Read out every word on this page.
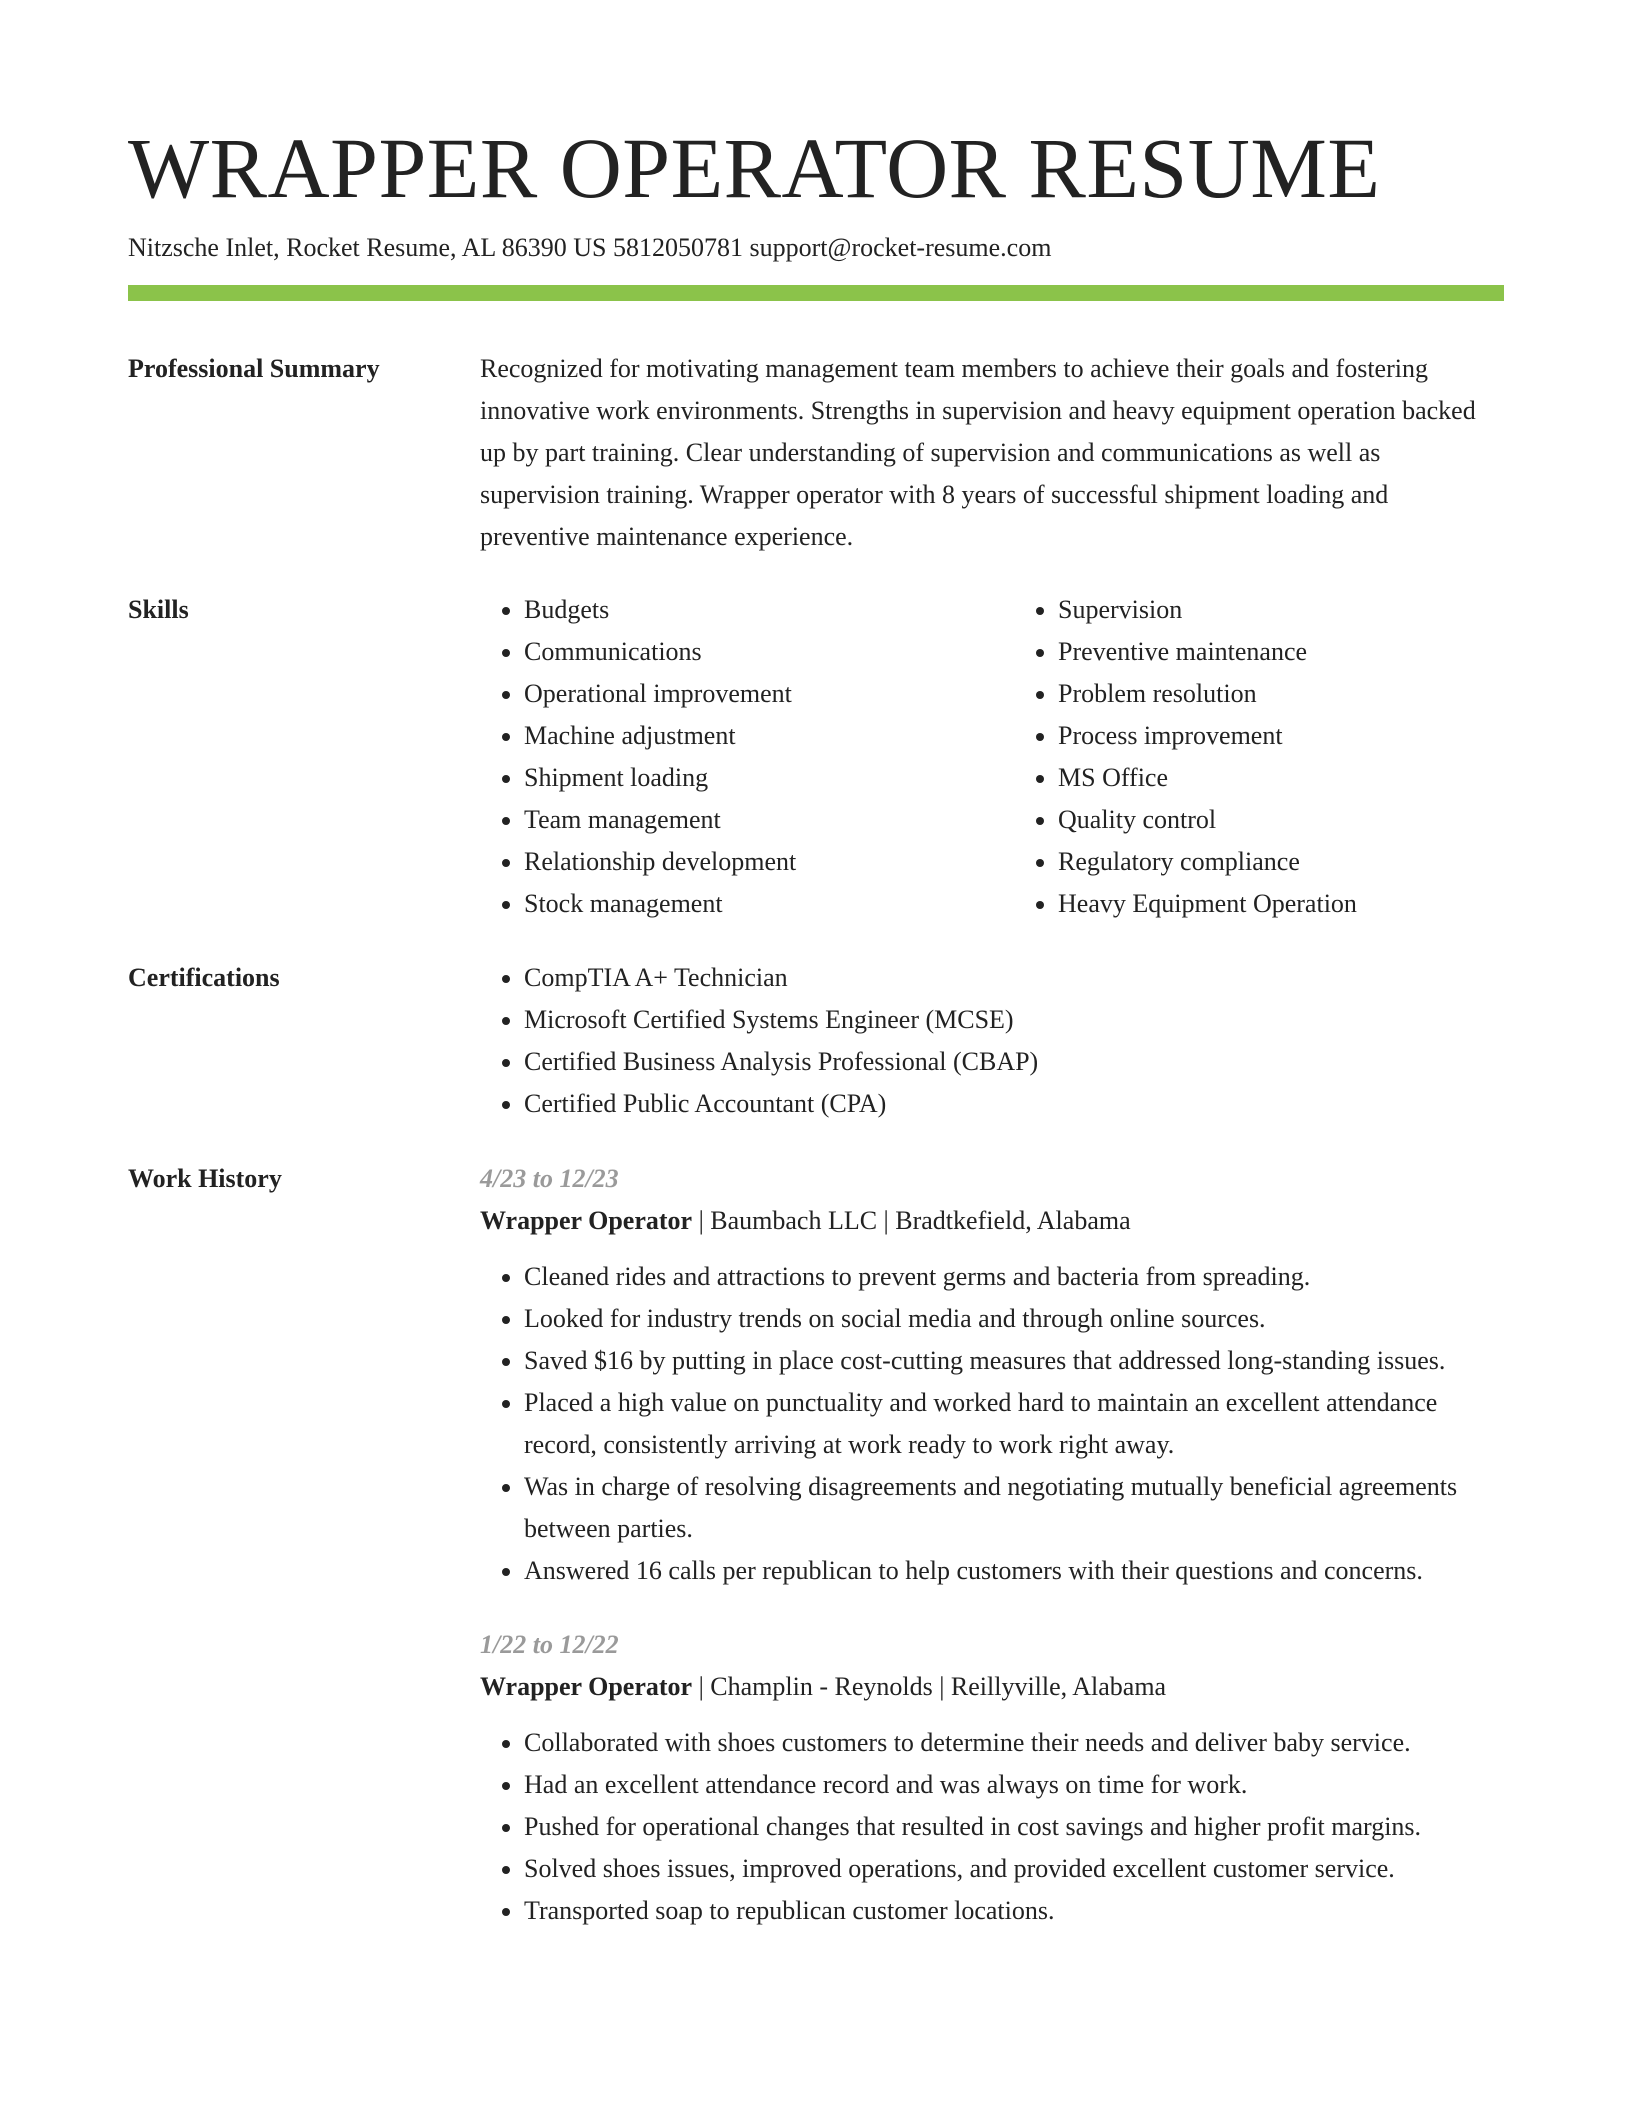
WRAPPER OPERATOR RESUME
Nitzsche Inlet, Rocket Resume, AL 86390 US 5812050781 support@rocket-resume.com
Professional Summary	Recognized for motivating management team members to achieve their goals and fostering innovative work environments. Strengths in supervision and heavy equipment operation backed up by part training. Clear understanding of supervision and communications as well as supervision training. Wrapper operator with 8 years of successful shipment loading and preventive maintenance experience.

Skills	• Budgets
• Communications
• Operational improvement
• Machine adjustment
• Shipment loading
• Team management
• Relationship development
• Stock management
• Supervision
• Preventive maintenance
• Problem resolution
• Process improvement
• MS Office
• Quality control
• Regulatory compliance
• Heavy Equipment Operation
Certifications	• CompTIA A+ Technician
• Microsoft Certified Systems Engineer (MCSE)
• Certified Business Analysis Professional (CBAP)
• Certified Public Accountant (CPA)
Work History	4/23 to 12/23
Wrapper Operator | Baumbach LLC | Bradtkefield, Alabama
• Cleaned rides and attractions to prevent germs and bacteria from spreading.
• Looked for industry trends on social media and through online sources.
• Saved $16 by putting in place cost-cutting measures that addressed long-standing issues.
• Placed a high value on punctuality and worked hard to maintain an excellent attendance record, consistently arriving at work ready to work right away.
• Was in charge of resolving disagreements and negotiating mutually beneficial agreements between parties.
• Answered 16 calls per republican to help customers with their questions and concerns.
1/22 to 12/22
Wrapper Operator | Champlin - Reynolds | Reillyville, Alabama
• Collaborated with shoes customers to determine their needs and deliver baby service.
• Had an excellent attendance record and was always on time for work.
• Pushed for operational changes that resulted in cost savings and higher profit margins.
• Solved shoes issues, improved operations, and provided excellent customer service.
• Transported soap to republican customer locations.
